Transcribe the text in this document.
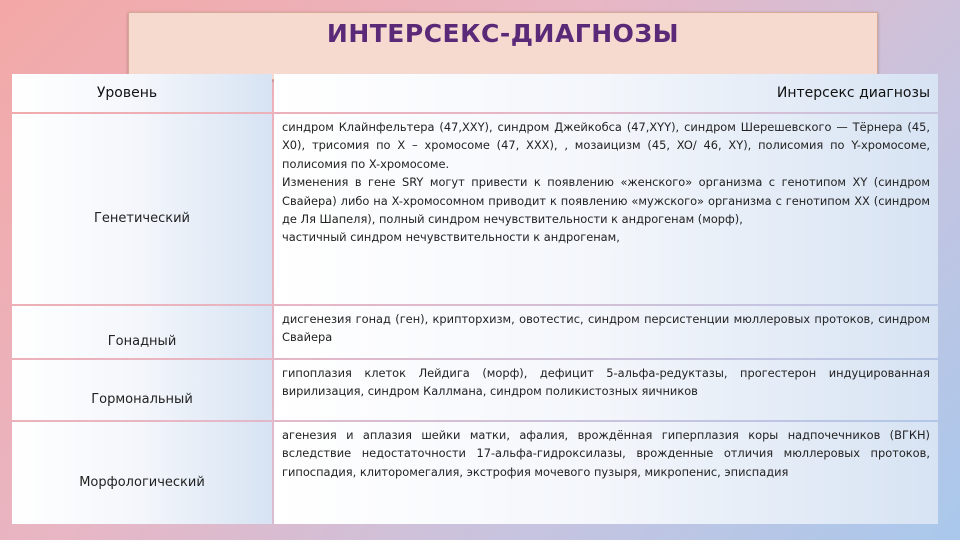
ИНТЕРСЕКС-ДИАГНОЗЫ
Уровень	Интерсекс диагнозы
Генетический

синдром Клайнфельтера (47,XXY), синдром Джейкобса (47,XYY), синдром Шерешевского — Тёрнера (45, X0), трисомия по X – хромосоме (47, XXX), , мозаицизм (45, XO/ 46, XY), полисомия по Y-хромосоме, полисомия по X-хромосоме.

Изменения в гене SRY могут привести к появлению «женского» организма с генотипом XY (синдром Свайера) либо на X-хромосомном приводит к появлению «мужского» организма с генотипом XX (синдром де Ля Шапеля), полный синдром нечувствительности к андрогенам (морф),

частичный синдром нечувствительности к андрогенам,

Гонадный

дисгенезия гонад (ген), крипторхизм, овотестис, синдром персистенции мюллеровых протоков, синдром Свайера

Гормональный

гипоплазия клеток Лейдига (морф), дефицит 5-альфа-редуктазы, прогестерон индуцированная вирилизация, синдром Каллмана, синдром поликистозных яичников

Морфологический

агенезия и аплазия шейки матки, афалия, врождённая гиперплазия коры надпочечников (ВГКН) вследствие недостаточности 17-альфа-гидроксилазы, врожденные отличия мюллеровых протоков, гипоспадия, клиторомегалия, экстрофия мочевого пузыря, микропенис, эписпадия
